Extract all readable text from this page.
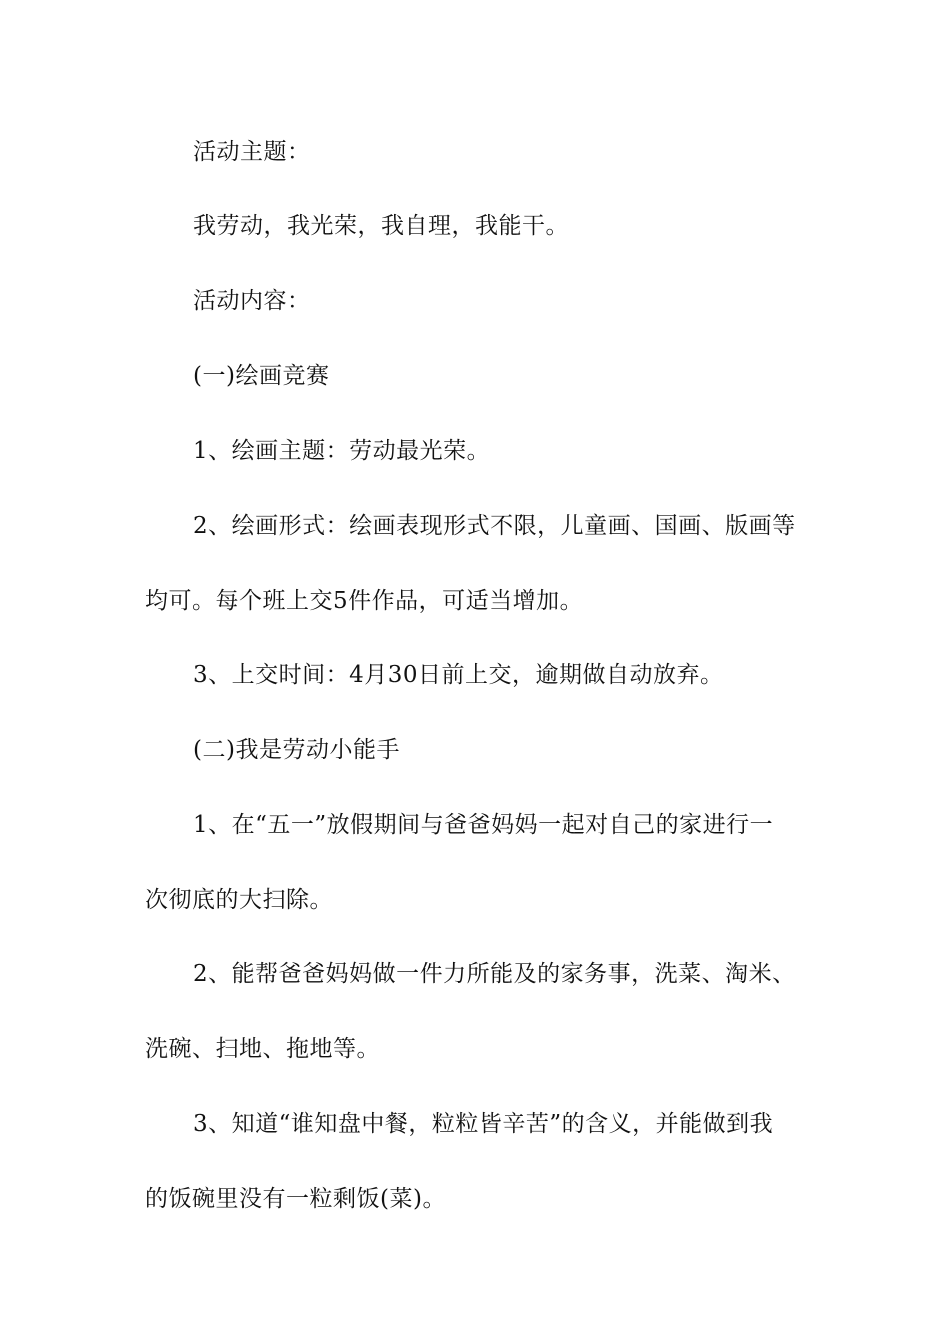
活动主题：
我劳动，我光荣，我自理，我能干。
活动内容：
(一)绘画竞赛
1、绘画主题：劳动最光荣。
2、绘画形式：绘画表现形式不限，儿童画、国画、版画等
均可。每个班上交5件作品，可适当增加。
3、上交时间：4月30日前上交，逾期做自动放弃。
(二)我是劳动小能手
1、在“五一”放假期间与爸爸妈妈一起对自己的家进行一
次彻底的大扫除。
2、能帮爸爸妈妈做一件力所能及的家务事，洗菜、淘米、
洗碗、扫地、拖地等。
3、知道“谁知盘中餐，粒粒皆辛苦”的含义，并能做到我
的饭碗里没有一粒剩饭(菜)。
